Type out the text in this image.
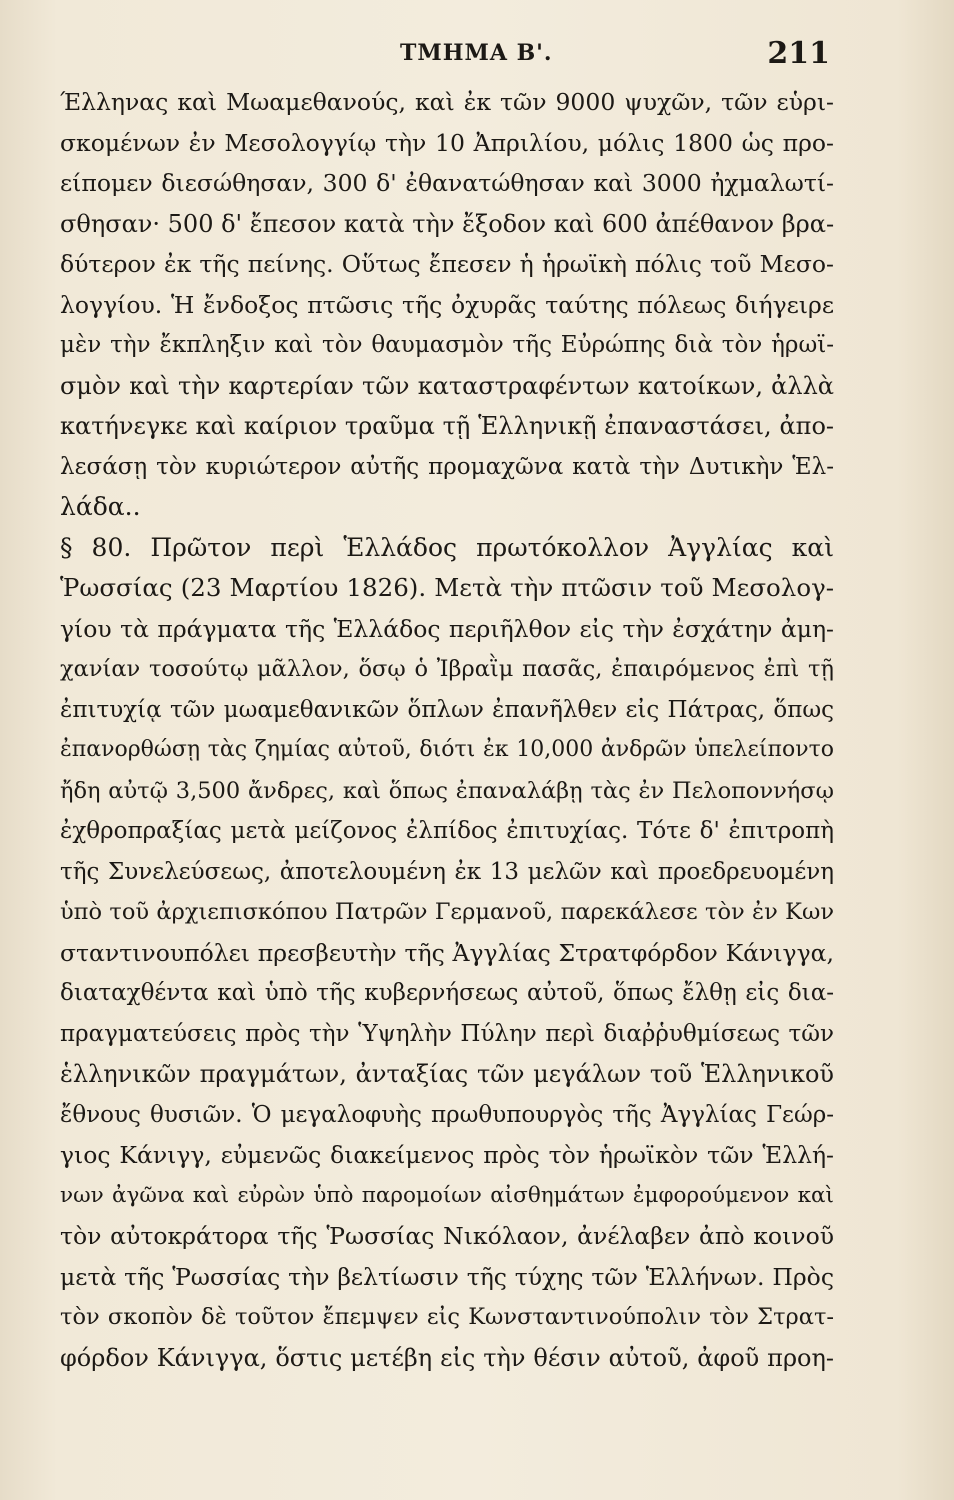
ΤΜΗΜΑ Β'.	211
Έλληνας καὶ Μωαμεθανούς, καὶ ἐκ τῶν 9000 ψυχῶν, τῶν εὑρι-
σκομένων ἐν Μεσολογγίῳ τὴν 10 Ἀπριλίου, μόλις 1800 ὡς προ-
είπομεν διεσώθησαν, 300 δ' ἐθανατώθησαν καὶ 3000 ἠχμαλωτί-
σθησαν· 500 δ' ἔπεσον κατὰ τὴν ἔξοδον καὶ 600 ἀπέθανον βρα-
δύτερον ἐκ τῆς πείνης. Οὕτως ἔπεσεν ἡ ἡρωϊκὴ πόλις τοῦ Μεσο-
λογγίου. Ἡ ἔνδοξος πτῶσις τῆς ὀχυρᾶς ταύτης πόλεως διήγειρε
μὲν τὴν ἔκπληξιν καὶ τὸν θαυμασμὸν τῆς Εὐρώπης διὰ τὸν ἡρωϊ-
σμὸν καὶ τὴν καρτερίαν τῶν καταστραφέντων κατοίκων, ἀλλὰ
κατήνεγκε καὶ καίριον τραῦμα τῇ Ἑλληνικῇ ἐπαναστάσει, ἀπο-
λεσάσῃ τὸν κυριώτερον αὐτῆς προμαχῶνα κατὰ τὴν Δυτικὴν Ἑλ-
λάδα..
§ 80. Πρῶτον περὶ Ἑλλάδος πρωτόκολλον Ἀγγλίας καὶ
Ῥωσσίας (23 Μαρτίου 1826). Μετὰ τὴν πτῶσιν τοῦ Μεσολογ-
γίου τὰ πράγματα τῆς Ἑλλάδος περιῆλθον εἰς τὴν ἐσχάτην ἀμη-
χανίαν τοσούτῳ μᾶλλον, ὅσῳ ὁ Ἰβραῒμ πασᾶς, ἐπαιρόμενος ἐπὶ τῇ
ἐπιτυχίᾳ τῶν μωαμεθανικῶν ὅπλων ἐπανῆλθεν εἰς Πάτρας, ὅπως
ἐπανορθώσῃ τὰς ζημίας αὐτοῦ, διότι ἐκ 10,000 ἀνδρῶν ὑπελείποντο
ἤδη αὐτῷ 3,500 ἄνδρες, καὶ ὅπως ἐπαναλάβῃ τὰς ἐν Πελοποννήσῳ
ἐχθροπραξίας μετὰ μείζονος ἐλπίδος ἐπιτυχίας. Τότε δ' ἐπιτροπὴ
τῆς Συνελεύσεως, ἀποτελουμένη ἐκ 13 μελῶν καὶ προεδρευομένη
ὑπὸ τοῦ ἀρχιεπισκόπου Πατρῶν Γερμανοῦ, παρεκάλεσε τὸν ἐν Κων
σταντινουπόλει πρεσβευτὴν τῆς Ἀγγλίας Στρατφόρδον Κάνιγγα,
διαταχθέντα καὶ ὑπὸ τῆς κυβερνήσεως αὐτοῦ, ὅπως ἔλθῃ εἰς δια-
πραγματεύσεις πρὸς τὴν Ὑψηλὴν Πύλην περὶ διαῤῥυθμίσεως τῶν
ἑλληνικῶν πραγμάτων, ἀνταξίας τῶν μεγάλων τοῦ Ἑλληνικοῦ
ἔθνους θυσιῶν. Ὁ μεγαλοφυὴς πρωθυπουργὸς τῆς Ἀγγλίας Γεώρ-
γιος Κάνιγγ, εὐμενῶς διακείμενος πρὸς τὸν ἡρωϊκὸν τῶν Ἑλλή-
νων ἀγῶνα καὶ εὐρὼν ὑπὸ παρομοίων αἰσθημάτων ἐμφορούμενον καὶ
τὸν αὐτοκράτορα τῆς Ῥωσσίας Νικόλαον, ἀνέλαβεν ἀπὸ κοινοῦ
μετὰ τῆς Ῥωσσίας τὴν βελτίωσιν τῆς τύχης τῶν Ἑλλήνων. Πρὸς
τὸν σκοπὸν δὲ τοῦτον ἔπεμψεν εἰς Κωνσταντινούπολιν τὸν Στρατ-
φόρδον Κάνιγγα, ὅστις μετέβη εἰς τὴν θέσιν αὐτοῦ, ἀφοῦ προη-
